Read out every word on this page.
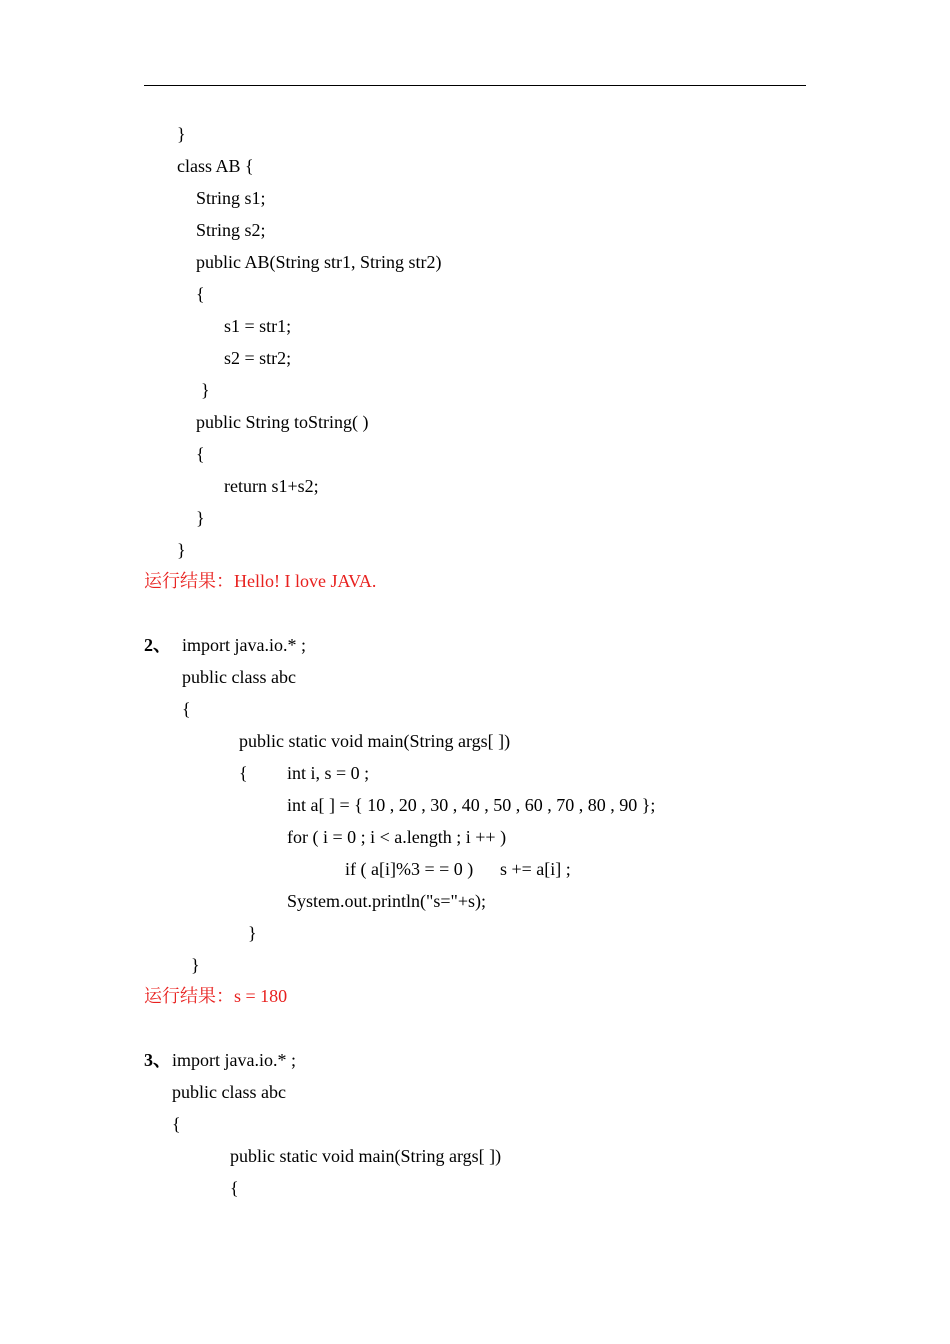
}
class AB {
String s1;
String s2;
public AB(String str1, String str2)
{
s1 = str1;
s2 = str2;
}
public String toString( )
{
return s1+s2;
}
}
运行结果：Hello! I love JAVA.
2、 import java.io.* ;
public class abc
{
public static void main(String args[ ])
{ int i, s = 0 ;
int a[ ] = { 10 , 20 , 30 , 40 , 50 , 60 , 70 , 80 , 90 };
for ( i = 0 ; i < a.length ; i ++ )
if ( a[i]%3 = = 0 ) s += a[i] ;
System.out.println("s="+s);
}
}
运行结果：s = 180
3、 import java.io.* ;
public class abc
{
public static void main(String args[ ])
{
